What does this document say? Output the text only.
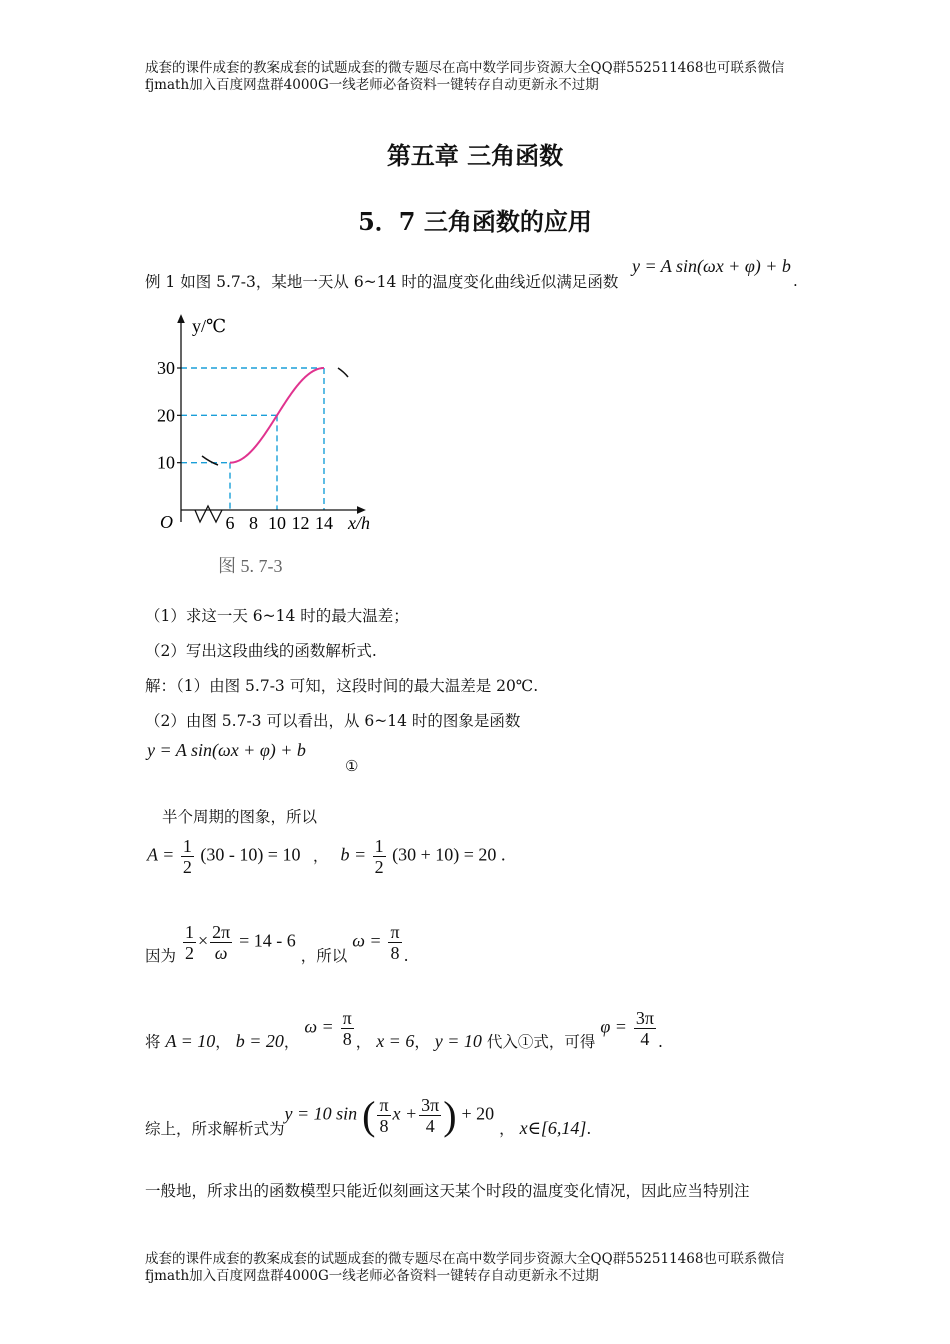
成套的课件成套的教案成套的试题成套的微专题尽在高中数学同步资源大全QQ群552511468也可联系微信fjmath加入百度网盘群4000G一线老师必备资料一键转存自动更新永不过期
第五章 三角函数
5．7 三角函数的应用
例 1 如图 5.7-3，某地一天从 6~14 时的温度变化曲线近似满足函数
y = A sin(ωx + φ) + b
.
6 8 10 12 14
10
20
30
y/℃
x/h
O
图 5. 7-3
（1）求这一天 6~14 时的最大温差；
（2）写出这段曲线的函数解析式.
解：（1）由图 5.7-3 可知，这段时间的最大温差是 20℃.
（2）由图 5.7-3 可以看出，从 6~14 时的图象是函数
y = A sin(ωx + φ) + b
①
半个周期的图象，所以
$A = \frac{1}{2} (30 - 10) = 10$ ， $b = \frac{1}{2} (30 + 10) = 20$ .
因为 $\frac{1}{2} \times \frac{2\pi}{\omega} = 14 - 6$ ，所以 $\omega = \frac{\pi}{8}$ .
将 A = 10， b = 20， $\omega = \frac{\pi}{8}$ ， x = 6， y = 10 代入①式，可得 $\varphi = \frac{3\pi}{4}$ .
综上，所求解析式为y = 10 sin ( $\frac{\pi}{8}$ $x + \frac{3\pi}{4}$ ) + 20 ， x∈[6,14].
一般地，所求出的函数模型只能近似刻画这天某个时段的温度变化情况，因此应当特别注
成套的课件成套的教案成套的试题成套的微专题尽在高中数学同步资源大全QQ群552511468也可联系微信fjmath加入百度网盘群4000G一线老师必备资料一键转存自动更新永不过期
